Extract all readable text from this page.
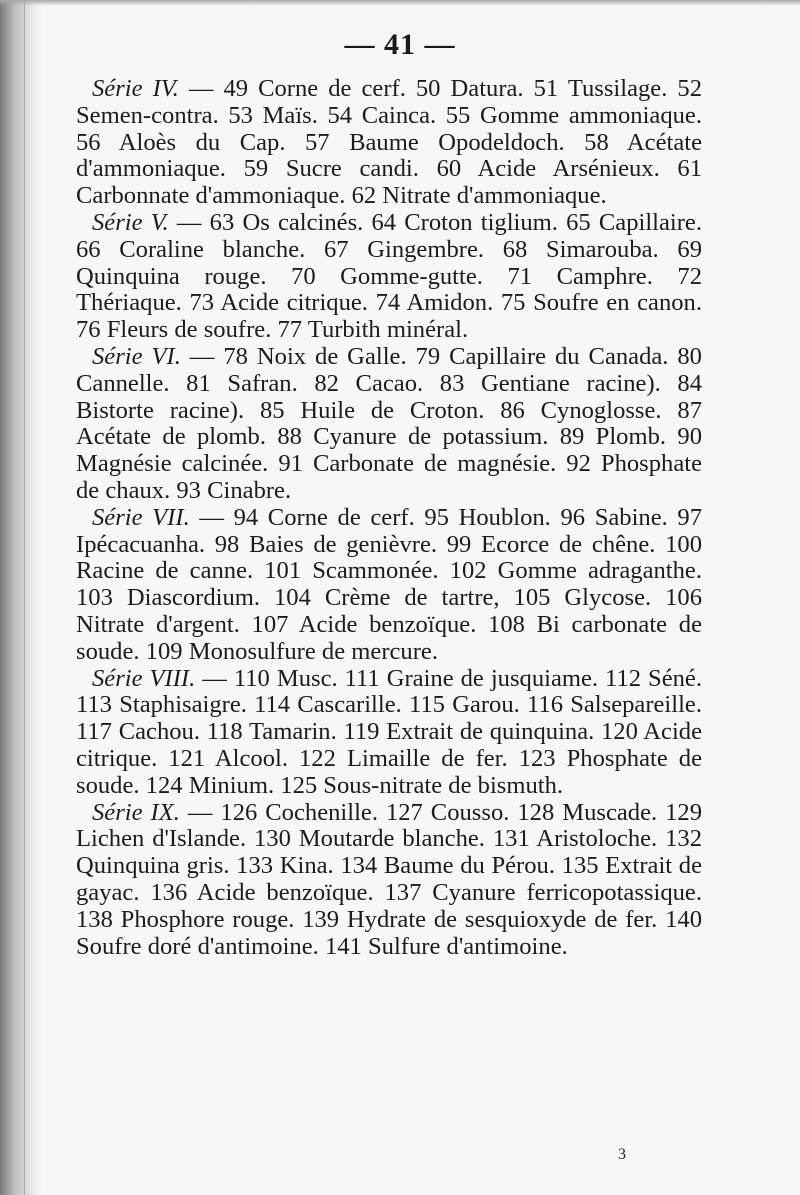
— 41 —

Série IV. — 49 Corne de cerf. 50 Datura. 51 Tussilage. 52 Semen-contra. 53 Maïs. 54 Cainca. 55 Gomme ammoniaque. 56 Aloès du Cap. 57 Baume Opodeldoch. 58 Acétate d'ammoniaque. 59 Sucre candi. 60 Acide Arsénieux. 61 Carbonnate d'ammoniaque. 62 Nitrate d'ammoniaque.

Série V. — 63 Os calcinés. 64 Croton tiglium. 65 Capillaire. 66 Coraline blanche. 67 Gingembre. 68 Simarouba. 69 Quinquina rouge. 70 Gomme-gutte. 71 Camphre. 72 Thériaque. 73 Acide citrique. 74 Amidon. 75 Soufre en canon. 76 Fleurs de soufre. 77 Turbith minéral.

Série VI. — 78 Noix de Galle. 79 Capillaire du Canada. 80 Cannelle. 81 Safran. 82 Cacao. 83 Gentiane racine). 84 Bistorte racine). 85 Huile de Croton. 86 Cynoglosse. 87 Acétate de plomb. 88 Cyanure de potassium. 89 Plomb. 90 Magnésie calcinée. 91 Carbonate de magnésie. 92 Phosphate de chaux. 93 Cinabre.

Série VII. — 94 Corne de cerf. 95 Houblon. 96 Sabine. 97 Ipécacuanha. 98 Baies de genièvre. 99 Ecorce de chêne. 100 Racine de canne. 101 Scammonée. 102 Gomme adraganthe. 103 Diascordium. 104 Crème de tartre, 105 Glycose. 106 Nitrate d'argent. 107 Acide benzoïque. 108 Bi carbonate de soude. 109 Monosulfure de mercure.

Série VIII. — 110 Musc. 111 Graine de jusquiame. 112 Séné. 113 Staphisaigre. 114 Cascarille. 115 Garou. 116 Salsepareille. 117 Cachou. 118 Tamarin. 119 Extrait de quinquina. 120 Acide citrique. 121 Alcool. 122 Limaille de fer. 123 Phosphate de soude. 124 Minium. 125 Sous-nitrate de bismuth.

Série IX. — 126 Cochenille. 127 Cousso. 128 Muscade. 129 Lichen d'Islande. 130 Moutarde blanche. 131 Aristoloche. 132 Quinquina gris. 133 Kina. 134 Baume du Pérou. 135 Extrait de gayac. 136 Acide benzoïque. 137 Cyanure ferricopotassique. 138 Phosphore rouge. 139 Hydrate de sesquioxyde de fer. 140 Soufre doré d'antimoine. 141 Sulfure d'antimoine.

3
